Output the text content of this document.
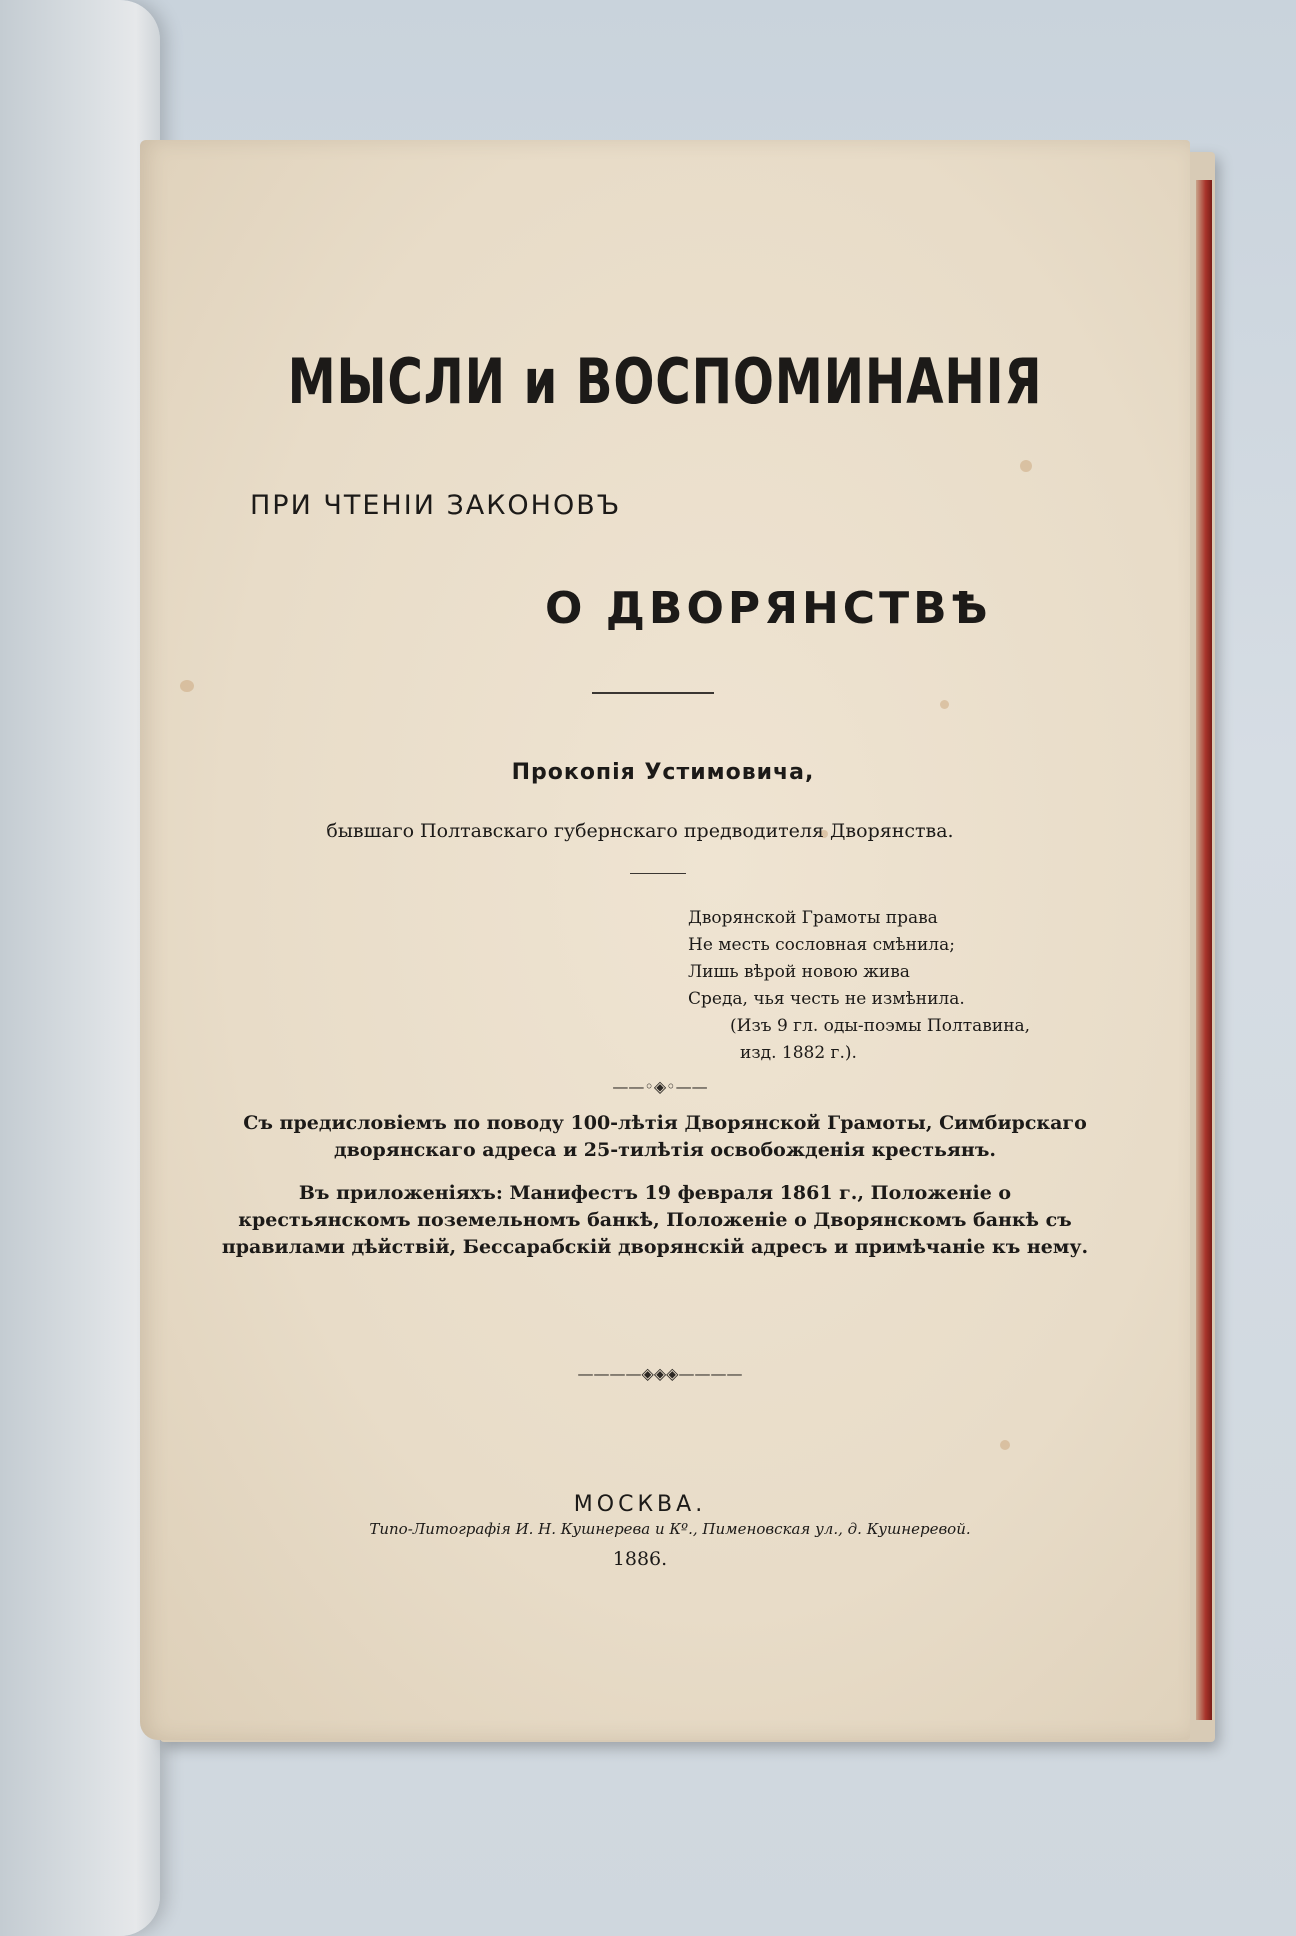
МЫСЛИ и ВОСПОМИНАНІЯ

ПРИ ЧТЕНІИ ЗАКОНОВЪ

О ДВОРЯНСТВѢ

Прокопія Устимовича,

бывшаго Полтавскаго губернскаго предводителя Дворянства.

Дворянской Грамоты права
Не месть сословная смѣнила;
Лишь вѣрой новою жива
Среда, чья честь не измѣнила.
(Изъ 9 гл. оды-поэмы Полтавина,
изд. 1882 г.).
——◦◈◦——

Съ предисловіемъ по поводу 100-лѣтія Дворянской Грамоты, Симбирскаго дворянскаго адреса и 25-тилѣтія освобожденія крестьянъ.

Въ приложеніяхъ: Манифестъ 19 февраля 1861 г., Положеніе о крестьянскомъ поземельномъ банкѣ, Положеніе о Дворянскомъ банкѣ съ правилами дѣйствій, Бессарабскій дворянскій адресъ и примѣчаніе къ нему.

————◈◈◈————

МОСКВА.

Типо-Литографія И. Н. Кушнерева и Кº., Пименовская ул., д. Кушнеревой.

1886.
